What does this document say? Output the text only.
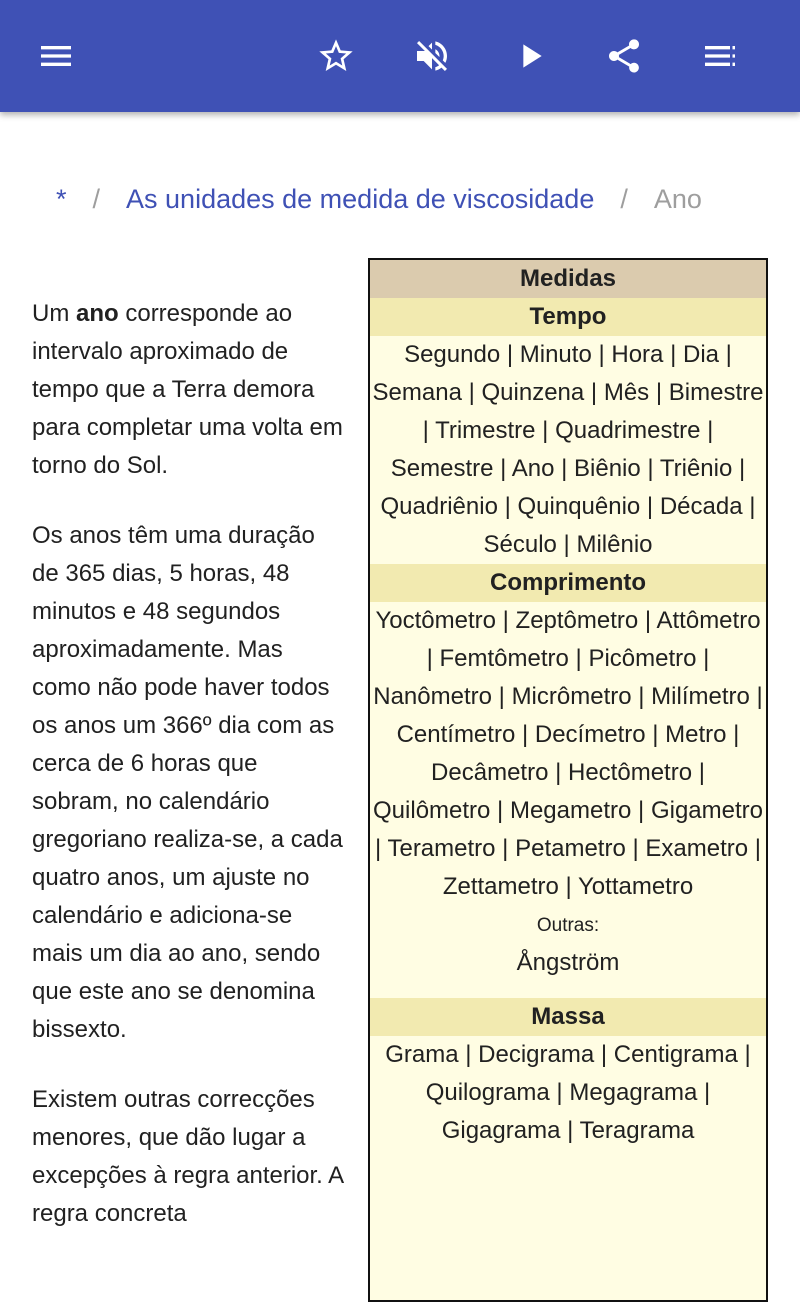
* / As unidades de medida de viscosidade / Ano

Um ano corresponde ao intervalo aproximado de tempo que a Terra demora para completar uma volta em torno do Sol.

Os anos têm uma duração de 365 dias, 5 horas, 48 minutos e 48 segundos aproximadamente. Mas como não pode haver todos os anos um 366º dia com as cerca de 6 horas que sobram, no calendário gregoriano realiza-se, a cada quatro anos, um ajuste no calendário e adiciona-se mais um dia ao ano, sendo que este ano se denomina bissexto.

Existem outras correcções menores, que dão lugar a excepções à regra anterior. A regra concreta

Medidas
Tempo
Segundo | Minuto | Hora | Dia | Semana | Quinzena | Mês | Bimestre | Trimestre | Quadrimestre | Semestre | Ano | Biênio | Triênio | Quadriênio | Quinquênio | Década | Século | Milênio
Comprimento
Yoctômetro | Zeptômetro | Attômetro | Femtômetro | Picômetro | Nanômetro | Micrômetro | Milímetro | Centímetro | Decímetro | Metro | Decâmetro | Hectômetro | Quilômetro | Megametro | Gigametro | Terametro | Petametro | Exametro | Zettametro | Yottametro
Outras:
Ångström
Massa
Grama | Decigrama | Centigrama | Quilograma | Megagrama | Gigagrama | Teragrama
